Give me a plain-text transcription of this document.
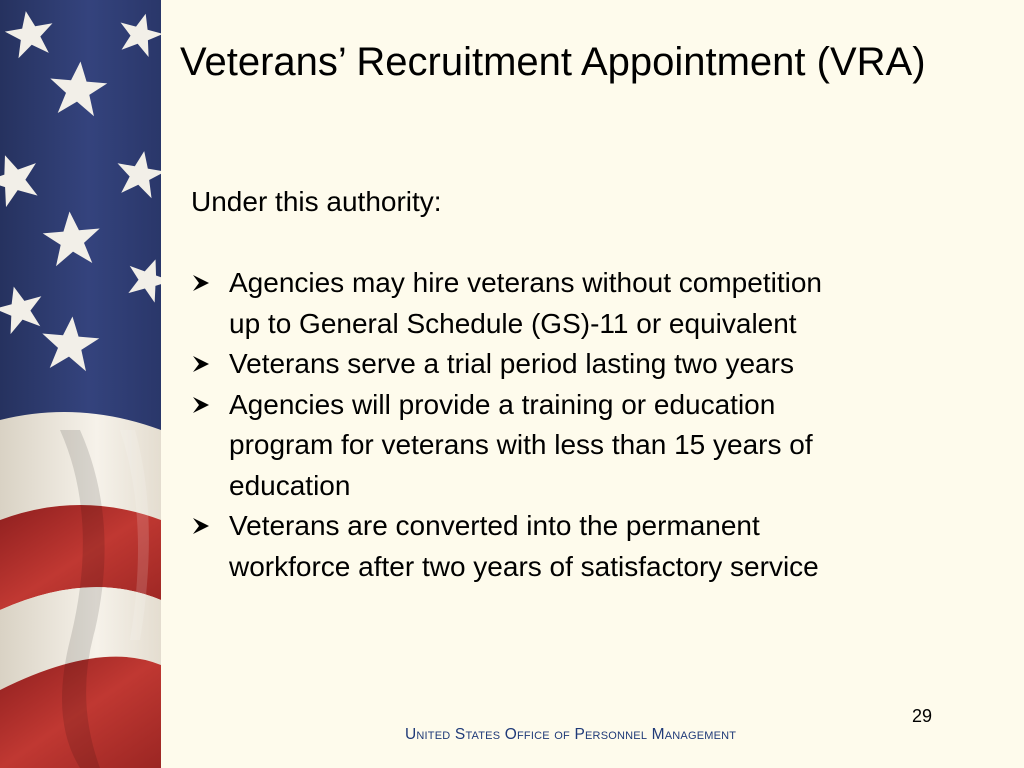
Veterans’ Recruitment Appointment (VRA)
Under this authority:
Agencies may hire veterans without competition
up to General Schedule (GS)-11 or equivalent
Veterans serve a trial period lasting two years
Agencies will provide a training or education
program for veterans with less than 15 years of
education
Veterans are converted into the permanent
workforce after two years of satisfactory service
29
United States Office of Personnel Management
